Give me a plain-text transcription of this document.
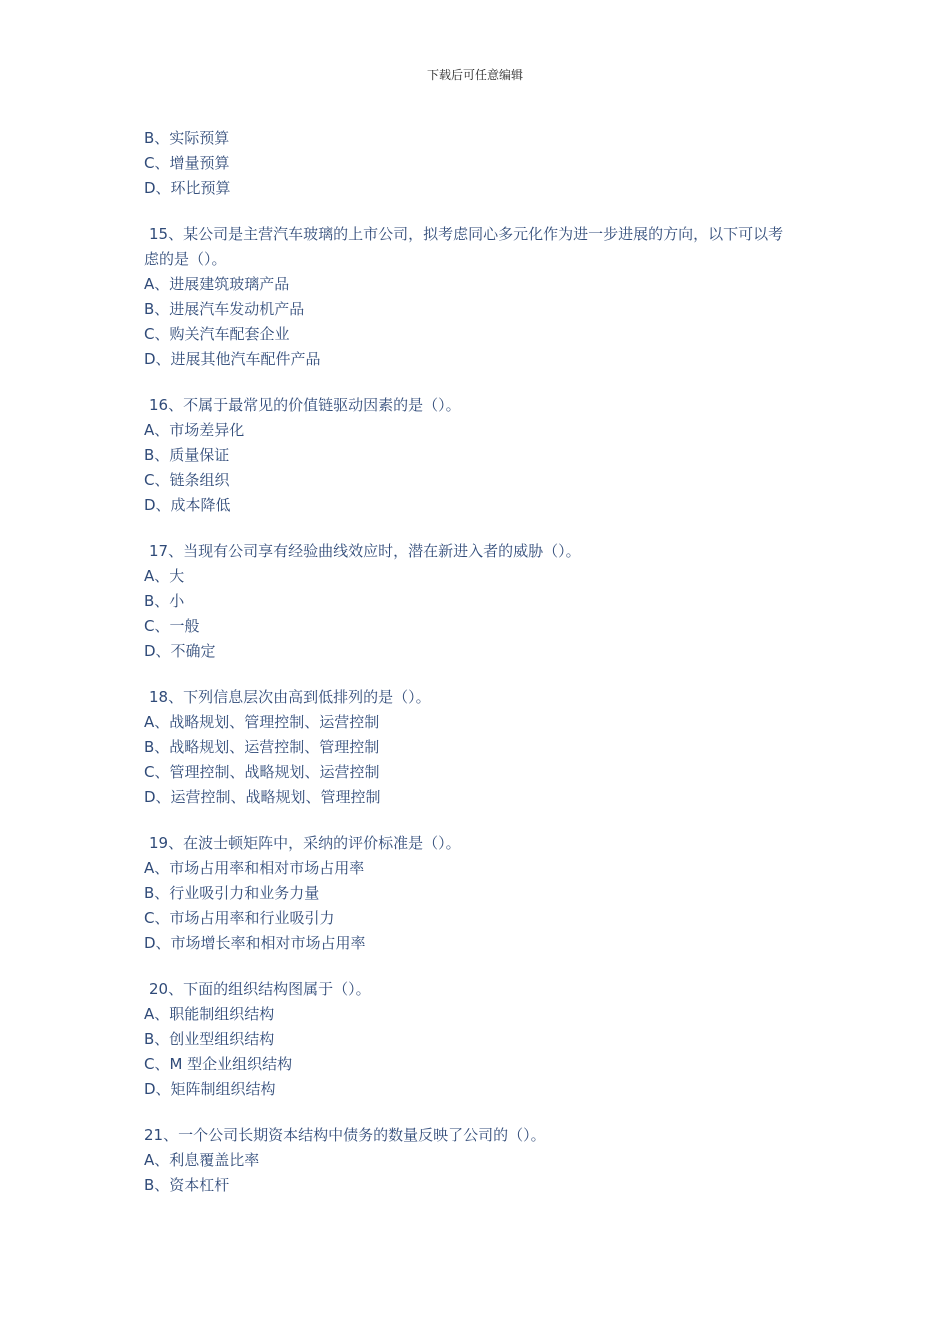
下载后可任意编辑
B、实际预算
C、增量预算
D、环比预算
15、某公司是主营汽车玻璃的上市公司，拟考虑同心多元化作为进一步进展的方向，以下可以考虑的是（）。
A、进展建筑玻璃产品
B、进展汽车发动机产品
C、购关汽车配套企业
D、进展其他汽车配件产品
16、不属于最常见的价值链驱动因素的是（）。
A、市场差异化
B、质量保证
C、链条组织
D、成本降低
17、当现有公司享有经验曲线效应时，潜在新进入者的威胁（）。
A、大
B、小
C、一般
D、不确定
18、下列信息层次由高到低排列的是（）。
A、战略规划、管理控制、运营控制
B、战略规划、运营控制、管理控制
C、管理控制、战略规划、运营控制
D、运营控制、战略规划、管理控制
19、在波士顿矩阵中，采纳的评价标准是（）。
A、市场占用率和相对市场占用率
B、行业吸引力和业务力量
C、市场占用率和行业吸引力
D、市场增长率和相对市场占用率
20、下面的组织结构图属于（）。
A、职能制组织结构
B、创业型组织结构
C、M 型企业组织结构
D、矩阵制组织结构
21、一个公司长期资本结构中债务的数量反映了公司的（）。
A、利息覆盖比率
B、资本杠杆
